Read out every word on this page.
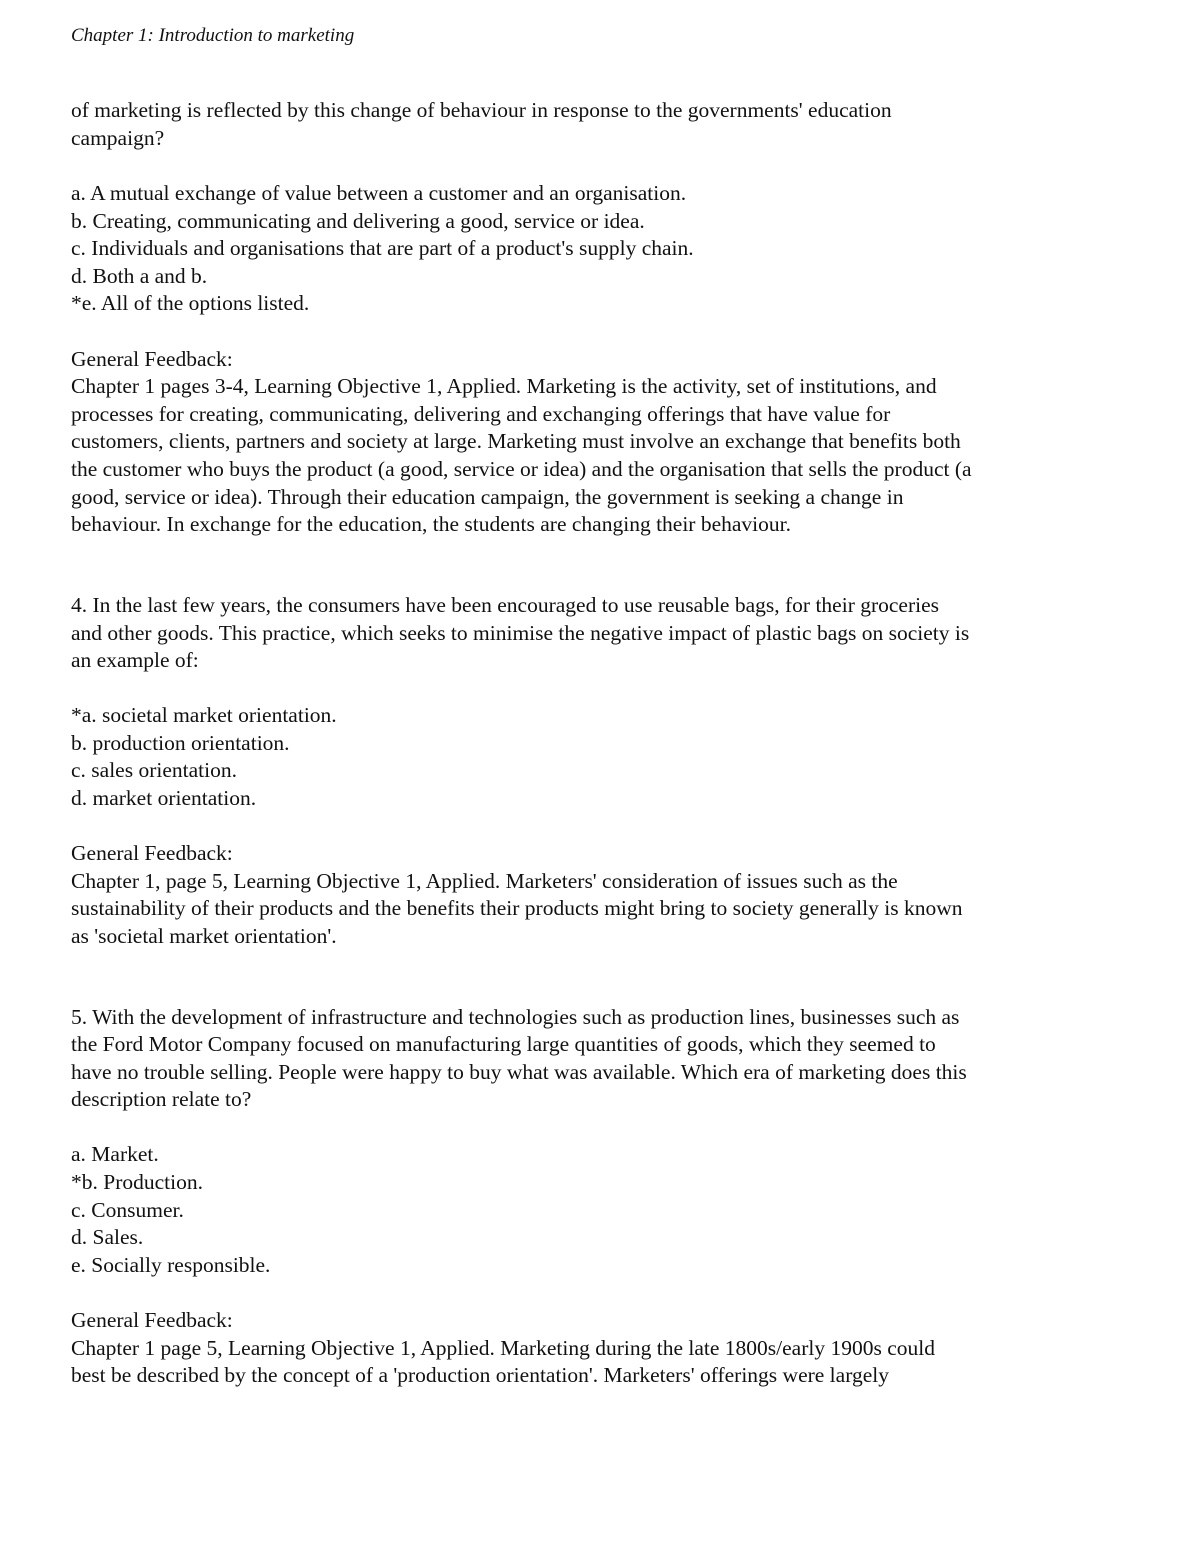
Chapter 1: Introduction to marketing
of marketing is reflected by this change of behaviour in response to the governments' education
campaign?
a. A mutual exchange of value between a customer and an organisation.
b. Creating, communicating and delivering a good, service or idea.
c. Individuals and organisations that are part of a product's supply chain.
d. Both a and b.
*e. All of the options listed.
General Feedback:
Chapter 1 pages 3-4, Learning Objective 1, Applied. Marketing is the activity, set of institutions, and
processes for creating, communicating, delivering and exchanging offerings that have value for
customers, clients, partners and society at large. Marketing must involve an exchange that benefits both
the customer who buys the product (a good, service or idea) and the organisation that sells the product (a
good, service or idea). Through their education campaign, the government is seeking a change in
behaviour. In exchange for the education, the students are changing their behaviour.
4. In the last few years, the consumers have been encouraged to use reusable bags, for their groceries
and other goods. This practice, which seeks to minimise the negative impact of plastic bags on society is
an example of:
*a. societal market orientation.
b. production orientation.
c. sales orientation.
d. market orientation.
General Feedback:
Chapter 1, page 5, Learning Objective 1, Applied. Marketers' consideration of issues such as the
sustainability of their products and the benefits their products might bring to society generally is known
as 'societal market orientation'.
5. With the development of infrastructure and technologies such as production lines, businesses such as
the Ford Motor Company focused on manufacturing large quantities of goods, which they seemed to
have no trouble selling. People were happy to buy what was available. Which era of marketing does this
description relate to?
a. Market.
*b. Production.
c. Consumer.
d. Sales.
e. Socially responsible.
General Feedback:
Chapter 1 page 5, Learning Objective 1, Applied. Marketing during the late 1800s/early 1900s could
best be described by the concept of a 'production orientation'. Marketers' offerings were largely
